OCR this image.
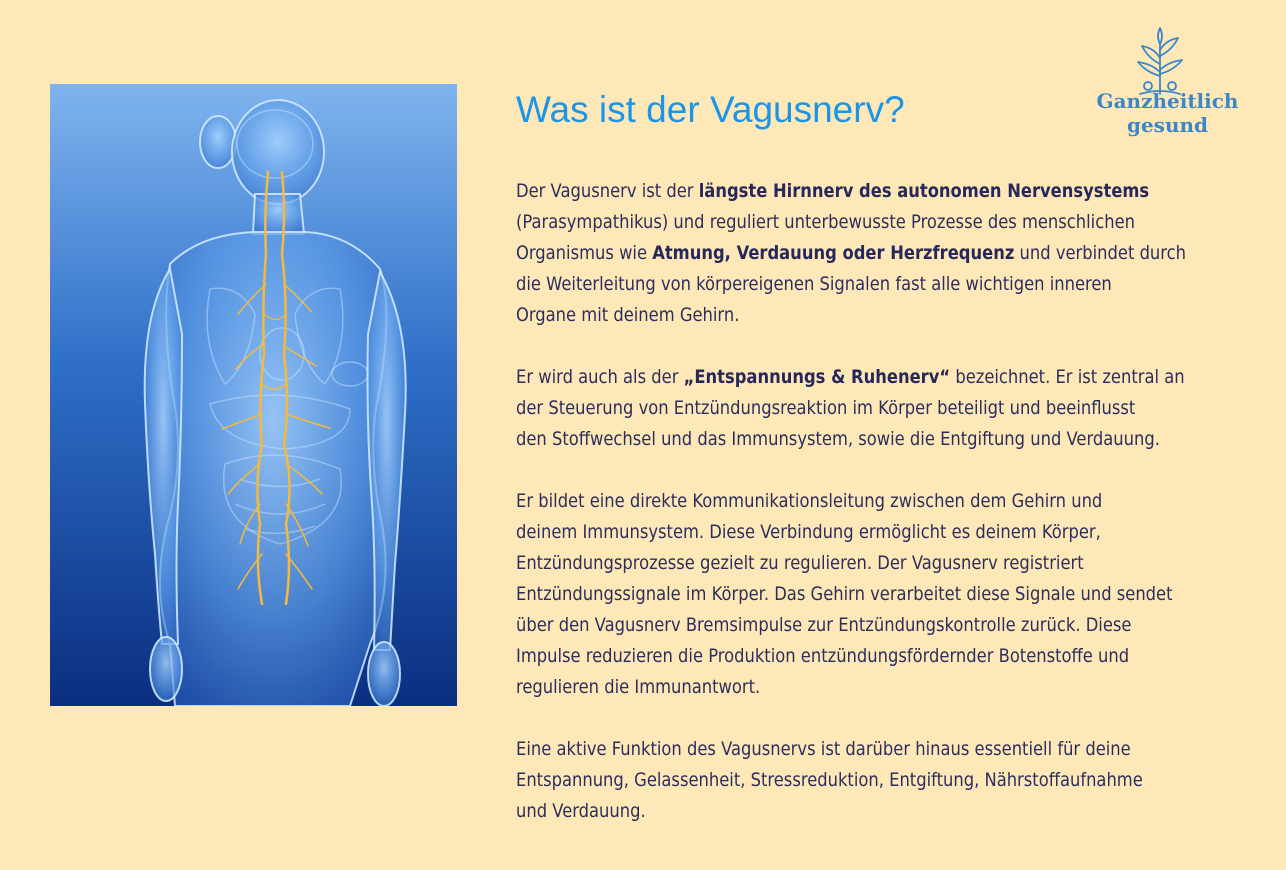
Was ist der Vagusnerv?	Ganzheitlich
gesund

Der Vagusnerv ist der längste Hirnnerv des autonomen Nervensystems
(Parasympathikus) und reguliert unterbewusste Prozesse des menschlichen
Organismus wie Atmung, Verdauung oder Herzfrequenz und verbindet durch
die Weiterleitung von körpereigenen Signalen fast alle wichtigen inneren
Organe mit deinem Gehirn.

Er wird auch als der „Entspannungs & Ruhenerv“ bezeichnet. Er ist zentral an
der Steuerung von Entzündungsreaktion im Körper beteiligt und beeinflusst
den Stoffwechsel und das Immunsystem, sowie die Entgiftung und Verdauung.

Er bildet eine direkte Kommunikationsleitung zwischen dem Gehirn und
deinem Immunsystem. Diese Verbindung ermöglicht es deinem Körper,
Entzündungsprozesse gezielt zu regulieren. Der Vagusnerv registriert
Entzündungssignale im Körper. Das Gehirn verarbeitet diese Signale und sendet
über den Vagusnerv Bremsimpulse zur Entzündungskontrolle zurück. Diese
Impulse reduzieren die Produktion entzündungsfördernder Botenstoffe und
regulieren die Immunantwort.

Eine aktive Funktion des Vagusnervs ist darüber hinaus essentiell für deine
Entspannung, Gelassenheit, Stressreduktion, Entgiftung, Nährstoffaufnahme
und Verdauung.
